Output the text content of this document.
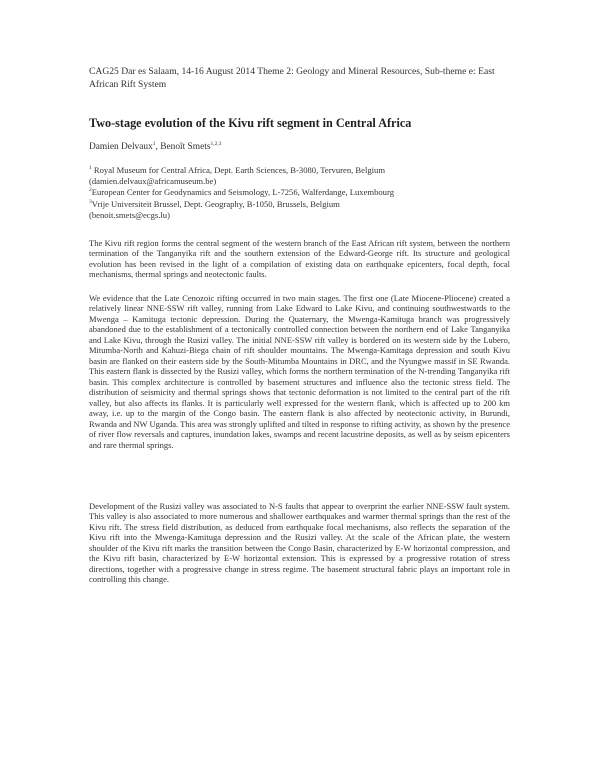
CAG25 Dar es Salaam, 14-16 August 2014 Theme 2: Geology and Mineral Resources, Sub-theme e: East African Rift System
Two-stage evolution of the Kivu rift segment in Central Africa
Damien Delvaux$^1$, Benoît Smets$^{1,2,3}$
$^1$ Royal Museum for Central Africa, Dept. Earth Sciences, B-3080, Tervuren, Belgium
(damien.delvaux@africamuseum.be)
$^2$European Center for Geodynamics and Seismology, L-7256, Walferdange, Luxembourg
$^3$Vrije Universiteit Brussel, Dept. Geography, B-1050, Brussels, Belgium
(benoit.smets@ecgs.lu)

The Kivu rift region forms the central segment of the western branch of the East African rift system, between the northern termination of the Tanganyika rift and the southern extension of the Edward-George rift. Its structure and geological evolution has been revised in the light of a compilation of existing data on earthquake epicenters, focal depth, focal mechanisms, thermal springs and neotectonic faults.

We evidence that the Late Cenozoic rifting occurred in two main stages. The first one (Late Miocene-Pliocene) created a relatively linear NNE-SSW rift valley, running from Lake Edward to Lake Kivu, and continuing southwestwards to the Mwenga – Kamituga tectonic depression. During the Quaternary, the Mwenga-Kamituga branch was progressively abandoned due to the establishment of a tectonically controlled connection between the northern end of Lake Tanganyika and Lake Kivu, through the Rusizi valley. The initial NNE-SSW rift valley is bordered on its western side by the Lubero, Mitumba-North and Kahuzi-Biega chain of rift shoulder mountains. The Mwenga-Kamitaga depression and south Kivu basin are flanked on their eastern side by the South-Mitumba Mountains in DRC, and the Nyungwe massif in SE Rwanda. This eastern flank is dissected by the Rusizi valley, which forms the northern termination of the N-trending Tanganyika rift basin. This complex architecture is controlled by basement structures and influence also the tectonic stress field. The distribution of seismicity and thermal springs shows that tectonic deformation is not limited to the central part of the rift valley, but also affects its flanks. It is particularly well expressed for the western flank, which is affected up to 200 km away, i.e. up to the margin of the Congo basin. The eastern flank is also affected by neotectonic activity, in Burundi, Rwanda and NW Uganda. This area was strongly uplifted and tilted in response to rifting activity, as shown by the presence of river flow reversals and captures, inundation lakes, swamps and recent lacustrine deposits, as well as by seism epicenters and rare thermal springs.

Development of the Rusizi valley was associated to N-S faults that appear to overprint the earlier NNE-SSW fault system. This valley is also associated to more numerous and shallower earthquakes and warmer thermal springs than the rest of the Kivu rift. The stress field distribution, as deduced from earthquake focal mechanisms, also reflects the separation of the Kivu rift into the Mwenga-Kamituga depression and the Rusizi valley. At the scale of the African plate, the western shoulder of the Kivu rift marks the transition between the Congo Basin, characterized by E-W horizontal compression, and the Kivu rift basin, characterized by E-W horizontal extension. This is expressed by a progressive rotation of stress directions, together with a progressive change in stress regime. The basement structural fabric plays an important role in controlling this change.
